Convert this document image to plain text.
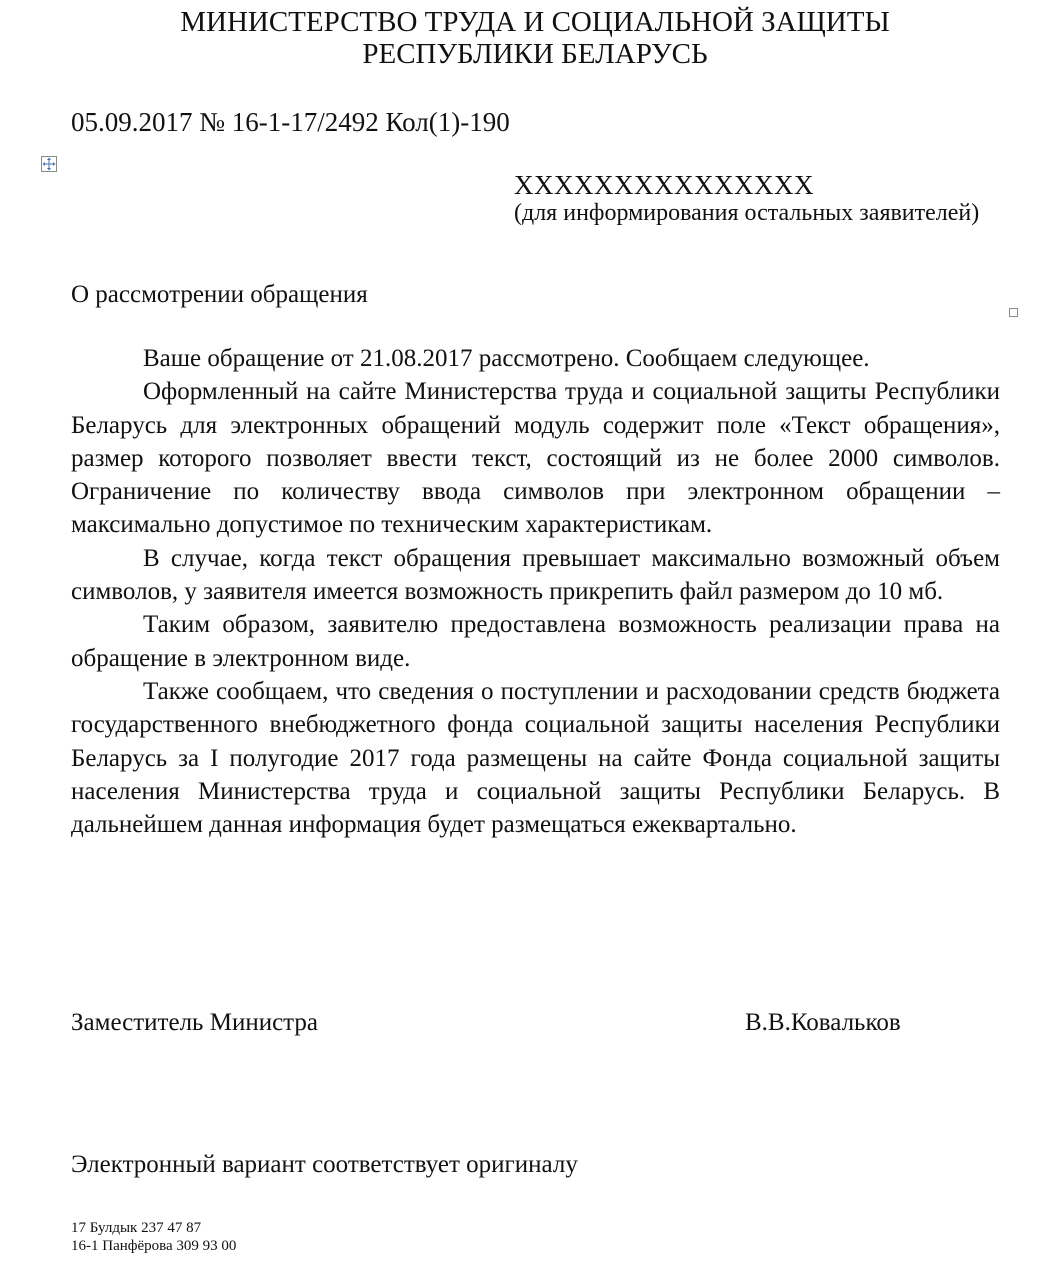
МИНИСТЕРСТВО ТРУДА И СОЦИАЛЬНОЙ ЗАЩИТЫ
РЕСПУБЛИКИ БЕЛАРУСЬ
05.09.2017 № 16-1-17/2492 Кол(1)-190
XXXXXXXXXXXXXXX
(для информирования остальных заявителей)
О рассмотрении обращения

Ваше обращение от 21.08.2017 рассмотрено. Сообщаем следующее.

Оформленный на сайте Министерства труда и социальной защиты Республики Беларусь для электронных обращений модуль содержит поле «Текст обращения», размер которого позволяет ввести текст, состоящий из не более 2000 символов. Ограничение по количеству ввода символов при электронном обращении – максимально допустимое по техническим характеристикам.

В случае, когда текст обращения превышает максимально возможный объем символов, у заявителя имеется возможность прикрепить файл размером до 10 мб.

Таким образом, заявителю предоставлена возможность реализации права на обращение в электронном виде.

Также сообщаем, что сведения о поступлении и расходовании средств бюджета государственного внебюджетного фонда социальной защиты населения Республики Беларусь за I полугодие 2017 года размещены на сайте Фонда социальной защиты населения Министерства труда и социальной защиты Республики Беларусь. В дальнейшем данная информация будет размещаться ежеквартально.

Заместитель Министра	В.В.Ковальков
Электронный вариант соответствует оригиналу
17 Булдык 237 47 87
16-1 Панфёрова 309 93 00
